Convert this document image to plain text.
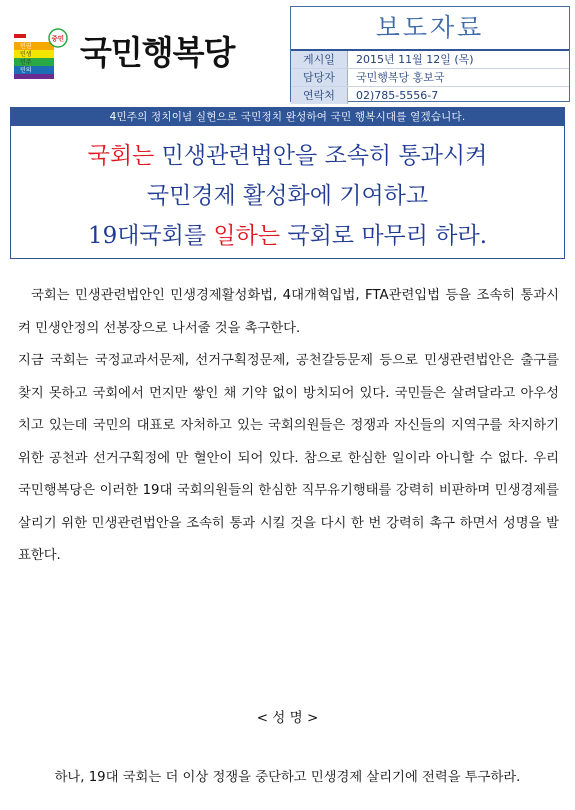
민권
민생
민주
민의
중민 국민행복당
보도자료
게시일	2015년 11월 12일 (목)
담당자	국민행복당 홍보국
연락처	02)785-5556-7
4민주의 정치이념 실현으로 국민정치 완성하여 국민 행복시대를 열겠습니다.
국회는 민생관련법안을 조속히 통과시켜
국민경제 활성화에 기여하고
19대국회를 일하는 국회로 마무리 하라.

국회는 민생관련법안인 민생경제활성화법, 4대개혁입법, FTA관련입법 등을 조속히 통과시켜 민생안정의 선봉장으로 나서줄 것을 촉구한다.

지금 국회는 국정교과서문제, 선거구획정문제, 공천갈등문제 등으로 민생관련법안은 출구를 찾지 못하고 국회에서 먼지만 쌓인 채 기약 없이 방치되어 있다. 국민들은 살려달라고 아우성치고 있는데 국민의 대표로 자처하고 있는 국회의원들은 정쟁과 자신들의 지역구를 차지하기위한 공천과 선거구획정에 만 혈안이 되어 있다. 참으로 한심한 일이라 아니할 수 없다. 우리 국민행복당은 이러한 19대 국회의원들의 한심한 직무유기행태를 강력히 비판하며 민생경제를 살리기 위한 민생관련법안을 조속히 통과 시킬 것을 다시 한 번 강력히 촉구 하면서 성명을 발표한다.

< 성 명 >
하나, 19대 국회는 더 이상 정쟁을 중단하고 민생경제 살리기에 전력을 투구하라.
